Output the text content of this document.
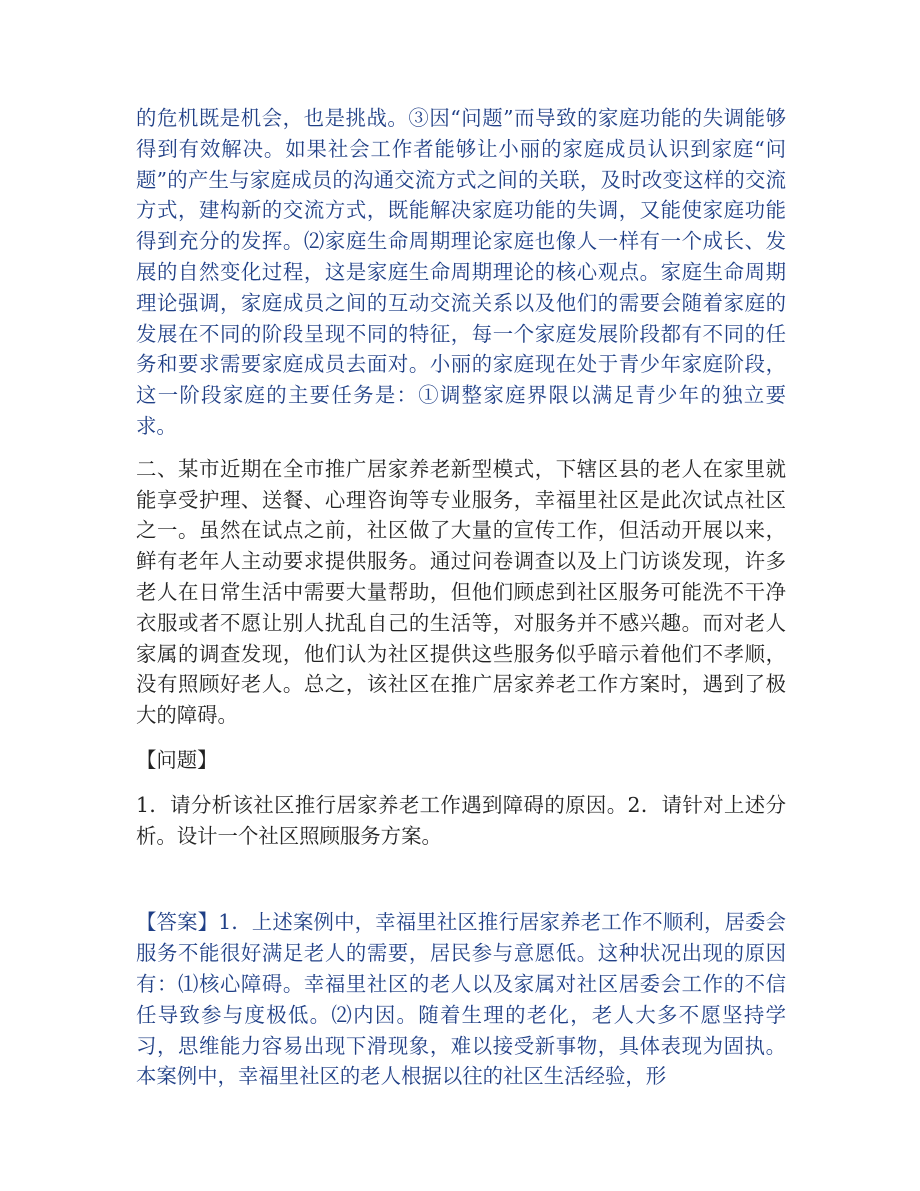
的危机既是机会，也是挑战。③因“问题”而导致的家庭功能的失调能够得到有效解决。如果社会工作者能够让小丽的家庭成员认识到家庭“问题”的产生与家庭成员的沟通交流方式之间的关联，及时改变这样的交流方式，建构新的交流方式，既能解决家庭功能的失调，又能使家庭功能得到充分的发挥。⑵家庭生命周期理论家庭也像人一样有一个成长、发展的自然变化过程，这是家庭生命周期理论的核心观点。家庭生命周期理论强调，家庭成员之间的互动交流关系以及他们的需要会随着家庭的发展在不同的阶段呈现不同的特征，每一个家庭发展阶段都有不同的任务和要求需要家庭成员去面对。小丽的家庭现在处于青少年家庭阶段，这一阶段家庭的主要任务是：①调整家庭界限以满足青少年的独立要求。

二、某市近期在全市推广居家养老新型模式，下辖区县的老人在家里就能享受护理、送餐、心理咨询等专业服务，幸福里社区是此次试点社区之一。虽然在试点之前，社区做了大量的宣传工作，但活动开展以来，鲜有老年人主动要求提供服务。通过问卷调查以及上门访谈发现，许多老人在日常生活中需要大量帮助，但他们顾虑到社区服务可能洗不干净衣服或者不愿让别人扰乱自己的生活等，对服务并不感兴趣。而对老人家属的调查发现，他们认为社区提供这些服务似乎暗示着他们不孝顺，没有照顾好老人。总之，该社区在推广居家养老工作方案时，遇到了极大的障碍。

【问题】

1．请分析该社区推行居家养老工作遇到障碍的原因。2．请针对上述分析。设计一个社区照顾服务方案。

【答案】1．上述案例中，幸福里社区推行居家养老工作不顺利，居委会服务不能很好满足老人的需要，居民参与意愿低。这种状况出现的原因有：⑴核心障碍。幸福里社区的老人以及家属对社区居委会工作的不信任导致参与度极低。⑵内因。随着生理的老化，老人大多不愿坚持学习，思维能力容易出现下滑现象，难以接受新事物，具体表现为固执。本案例中，幸福里社区的老人根据以往的社区生活经验，形
